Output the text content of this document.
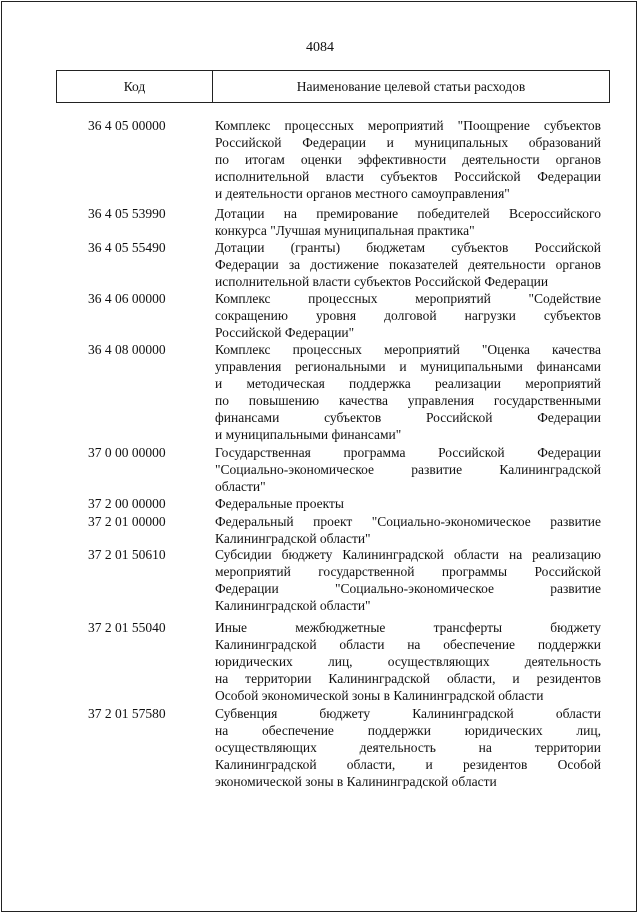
4084
Код	Наименование целевой статьи расходов
36 4 05 00000	Комплекс процессных мероприятий "Поощрение субъектов
Российской Федерации и муниципальных образований
по итогам оценки эффективности деятельности органов
исполнительной власти субъектов Российской Федерации
и деятельности органов местного самоуправления"
36 4 05 53990	Дотации на премирование победителей Всероссийского
конкурса "Лучшая муниципальная практика"
36 4 05 55490	Дотации (гранты) бюджетам субъектов Российской
Федерации за достижение показателей деятельности органов
исполнительной власти субъектов Российской Федерации
36 4 06 00000	Комплекс процессных мероприятий "Содействие
сокращению уровня долговой нагрузки субъектов
Российской Федерации"
36 4 08 00000	Комплекс процессных мероприятий "Оценка качества
управления региональными и муниципальными финансами
и методическая поддержка реализации мероприятий
по повышению качества управления государственными
финансами субъектов Российской Федерации
и муниципальными финансами"
37 0 00 00000	Государственная программа Российской Федерации
"Социально-экономическое развитие Калининградской
области"
37 2 00 00000	Федеральные проекты
37 2 01 00000	Федеральный проект "Социально-экономическое развитие
Калининградской области"
37 2 01 50610	Субсидии бюджету Калининградской области на реализацию
мероприятий государственной программы Российской
Федерации "Социально-экономическое развитие
Калининградской области"
37 2 01 55040	Иные межбюджетные трансферты бюджету
Калининградской области на обеспечение поддержки
юридических лиц, осуществляющих деятельность
на территории Калининградской области, и резидентов
Особой экономической зоны в Калининградской области
37 2 01 57580	Субвенция бюджету Калининградской области
на обеспечение поддержки юридических лиц,
осуществляющих деятельность на территории
Калининградской области, и резидентов Особой
экономической зоны в Калининградской области
